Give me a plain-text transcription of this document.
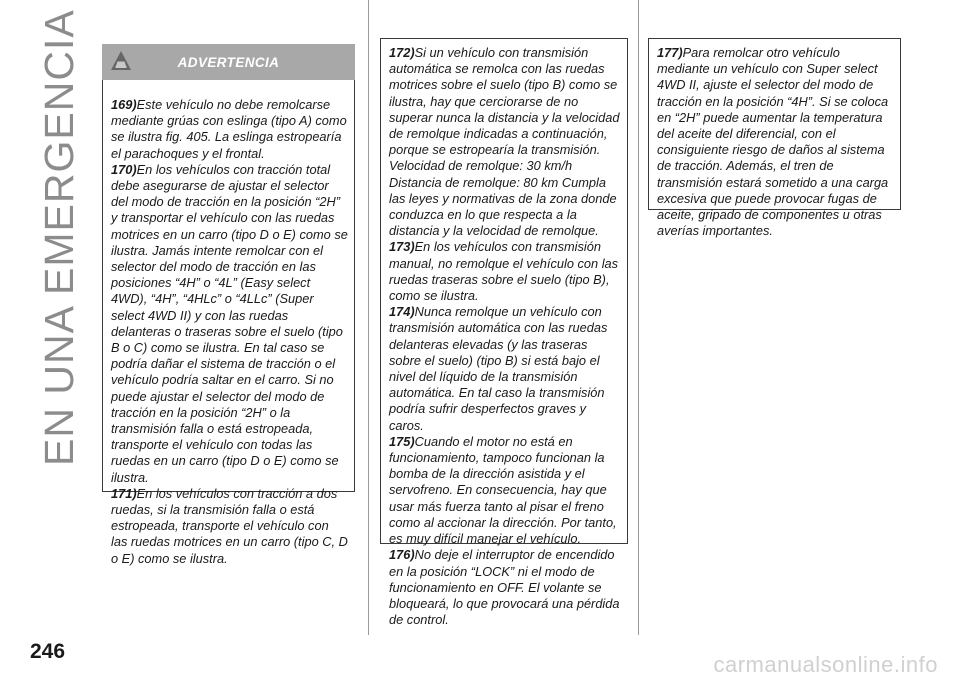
EN UNA EMERGENCIA 169)Este vehículo no debe remolcarse mediante grúas con eslinga (tipo A) como se ilustra fig. 405. La eslinga estropearía el parachoques y el frontal.

170)En los vehículos con tracción total debe asegurarse de ajustar el selector del modo de tracción en la posición “2H” y transportar el vehículo con las ruedas motrices en un carro (tipo D o E) como se ilustra. Jamás intente remolcar con el selector del modo de tracción en las posiciones “4H” o “4L” (Easy select 4WD), “4H”, “4HLc” o “4LLc” (Super select 4WD II) y con las ruedas delanteras o traseras sobre el suelo (tipo B o C) como se ilustra. En tal caso se podría dañar el sistema de tracción o el vehículo podría saltar en el carro. Si no puede ajustar el selector del modo de tracción en la posición “2H” o la transmisión falla o está estropeada, transporte el vehículo con todas las ruedas en un carro (tipo D o E) como se ilustra.

171)En los vehículos con tracción a dos ruedas, si la transmisión falla o está estropeada, transporte el vehículo con las ruedas motrices en un carro (tipo C, D o E) como se ilustra.

ADVERTENCIA

172)Si un vehículo con transmisión automática se remolca con las ruedas motrices sobre el suelo (tipo B) como se ilustra, hay que cerciorarse de no superar nunca la distancia y la velocidad de remolque indicadas a continuación, porque se estropearía la transmisión. Velocidad de remolque: 30 km/h Distancia de remolque: 80 km Cumpla las leyes y normativas de la zona donde conduzca en lo que respecta a la distancia y la velocidad de remolque.

173)En los vehículos con transmisión manual, no remolque el vehículo con las ruedas traseras sobre el suelo (tipo B), como se ilustra.

174)Nunca remolque un vehículo con transmisión automática con las ruedas delanteras elevadas (y las traseras sobre el suelo) (tipo B) si está bajo el nivel del líquido de la transmisión automática. En tal caso la transmisión podría sufrir desperfectos graves y caros.

175)Cuando el motor no está en funcionamiento, tampoco funcionan la bomba de la dirección asistida y el servofreno. En consecuencia, hay que usar más fuerza tanto al pisar el freno como al accionar la dirección. Por tanto, es muy difícil manejar el vehículo.

176)No deje el interruptor de encendido en la posición “LOCK” ni el modo de funcionamiento en OFF. El volante se bloqueará, lo que provocará una pérdida de control.

177)Para remolcar otro vehículo mediante un vehículo con Super select 4WD II, ajuste el selector del modo de tracción en la posición “4H”. Si se coloca en “2H” puede aumentar la temperatura del aceite del diferencial, con el consiguiente riesgo de daños al sistema de tracción. Además, el tren de transmisión estará sometido a una carga excesiva que puede provocar fugas de aceite, gripado de componentes u otras averías importantes.

246
carmanualsonline.info
